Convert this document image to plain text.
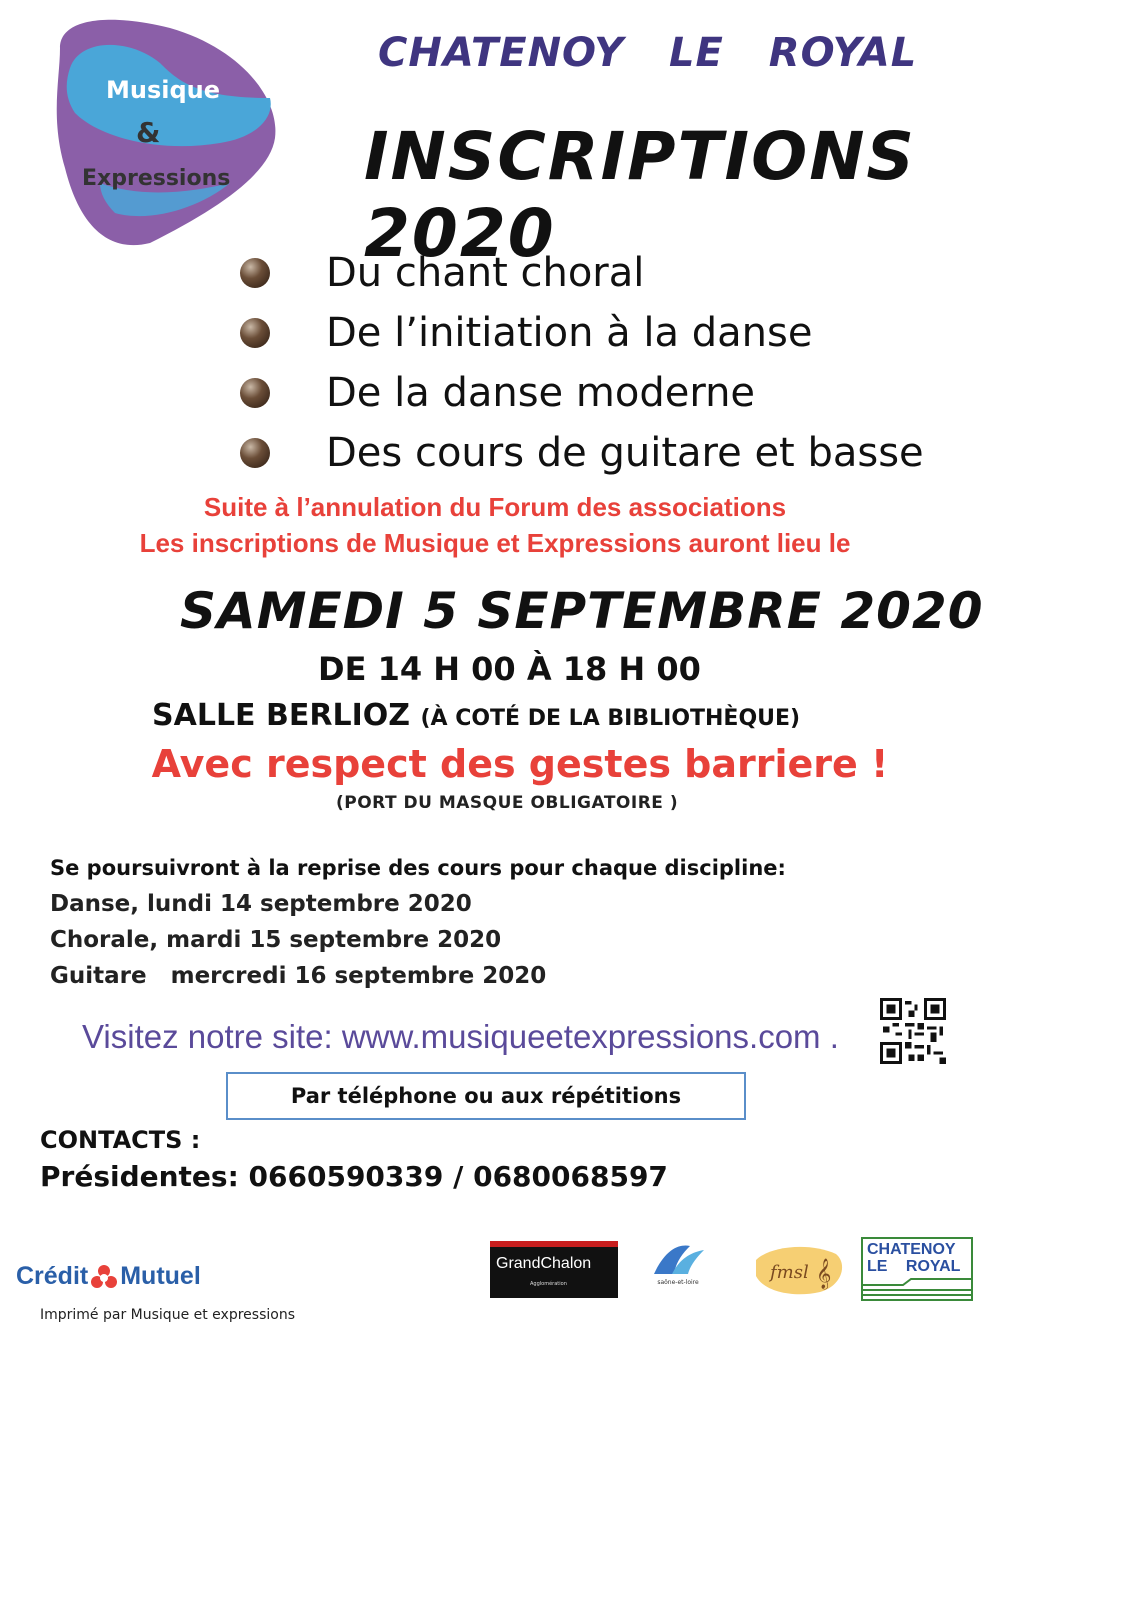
Musique
&
Expressions
CHATENOY LE ROYAL
INSCRIPTIONS 2020
Du chant choral
De l’initiation à la danse
De la danse moderne
Des cours de guitare et basse
Suite à l’annulation du Forum des associations
Les inscriptions de Musique et Expressions auront lieu le
SAMEDI 5 SEPTEMBRE 2020
DE 14 H 00 À 18 H 00
SALLE BERLIOZ (À COTÉ DE LA BIBLIOTHÈQUE)
Avec respect des gestes barriere !
(PORT DU MASQUE OBLIGATOIRE )
Se poursuivront à la reprise des cours pour chaque discipline:
Danse, lundi 14 septembre 2020
Chorale, mardi 15 septembre 2020
Guitare   mercredi 16 septembre 2020
Visitez notre site: www.musiqueetexpressions.com .
Par téléphone ou aux répétitions
CONTACTS :
Présidentes: 0660590339 / 0680068597
Crédit Mutuel
Imprimé par Musique et expressions
GrandChalon
Agglomération	saône-et-loire	fmsl 𝄞
CHATENOY
LE ROYAL
